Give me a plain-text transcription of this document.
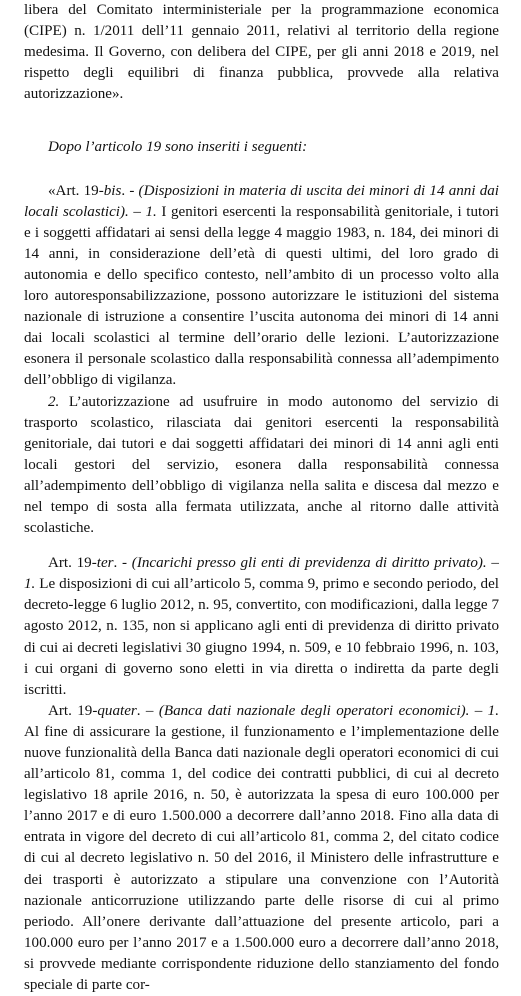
libera del Comitato interministeriale per la programmazione economica (CIPE) n. 1/2011 dell’11 gennaio 2011, relativi al territorio della regione medesima. Il Governo, con delibera del CIPE, per gli anni 2018 e 2019, nel rispetto degli equilibri di finanza pubblica, provvede alla relativa autorizzazione».

Dopo l’articolo 19 sono inseriti i seguenti:

«Art. 19-bis. - (Disposizioni in materia di uscita dei minori di 14 anni dai locali scolastici). – 1. I genitori esercenti la responsabilità genitoriale, i tutori e i soggetti affidatari ai sensi della legge 4 maggio 1983, n. 184, dei minori di 14 anni, in considerazione dell’età di questi ultimi, del loro grado di autonomia e dello specifico contesto, nell’ambito di un processo volto alla loro autoresponsabilizzazione, possono autorizzare le istituzioni del sistema nazionale di istruzione a consentire l’uscita autonoma dei minori di 14 anni dai locali scolastici al termine dell’orario delle lezioni. L’autorizzazione esonera il personale scolastico dalla responsabilità connessa all’adempimento dell’obbligo di vigilanza.

2. L’autorizzazione ad usufruire in modo autonomo del servizio di trasporto scolastico, rilasciata dai genitori esercenti la responsabilità genitoriale, dai tutori e dai soggetti affidatari dei minori di 14 anni agli enti locali gestori del servizio, esonera dalla responsabilità connessa all’adempimento dell’obbligo di vigilanza nella salita e discesa dal mezzo e nel tempo di sosta alla fermata utilizzata, anche al ritorno dalle attività scolastiche.

Art. 19-ter. - (Incarichi presso gli enti di previdenza di diritto privato). – 1. Le disposizioni di cui all’articolo 5, comma 9, primo e secondo periodo, del decreto-legge 6 luglio 2012, n. 95, convertito, con modificazioni, dalla legge 7 agosto 2012, n. 135, non si applicano agli enti di previdenza di diritto privato di cui ai decreti legislativi 30 giugno 1994, n. 509, e 10 febbraio 1996, n. 103, i cui organi di governo sono eletti in via diretta o indiretta da parte degli iscritti.

Art. 19-quater. – (Banca dati nazionale degli operatori economici). – 1. Al fine di assicurare la gestione, il funzionamento e l’implementazione delle nuove funzionalità della Banca dati nazionale degli operatori economici di cui all’articolo 81, comma 1, del codice dei contratti pubblici, di cui al decreto legislativo 18 aprile 2016, n. 50, è autorizzata la spesa di euro 100.000 per l’anno 2017 e di euro 1.500.000 a decorrere dall’anno 2018. Fino alla data di entrata in vigore del decreto di cui all’articolo 81, comma 2, del citato codice di cui al decreto legislativo n. 50 del 2016, il Ministero delle infrastrutture e dei trasporti è autorizzato a stipulare una convenzione con l’Autorità nazionale anticorruzione utilizzando parte delle risorse di cui al primo periodo. All’onere derivante dall’attuazione del presente articolo, pari a 100.000 euro per l’anno 2017 e a 1.500.000 euro a decorrere dall’anno 2018, si provvede mediante corrispondente riduzione dello stanziamento del fondo speciale di parte cor-
